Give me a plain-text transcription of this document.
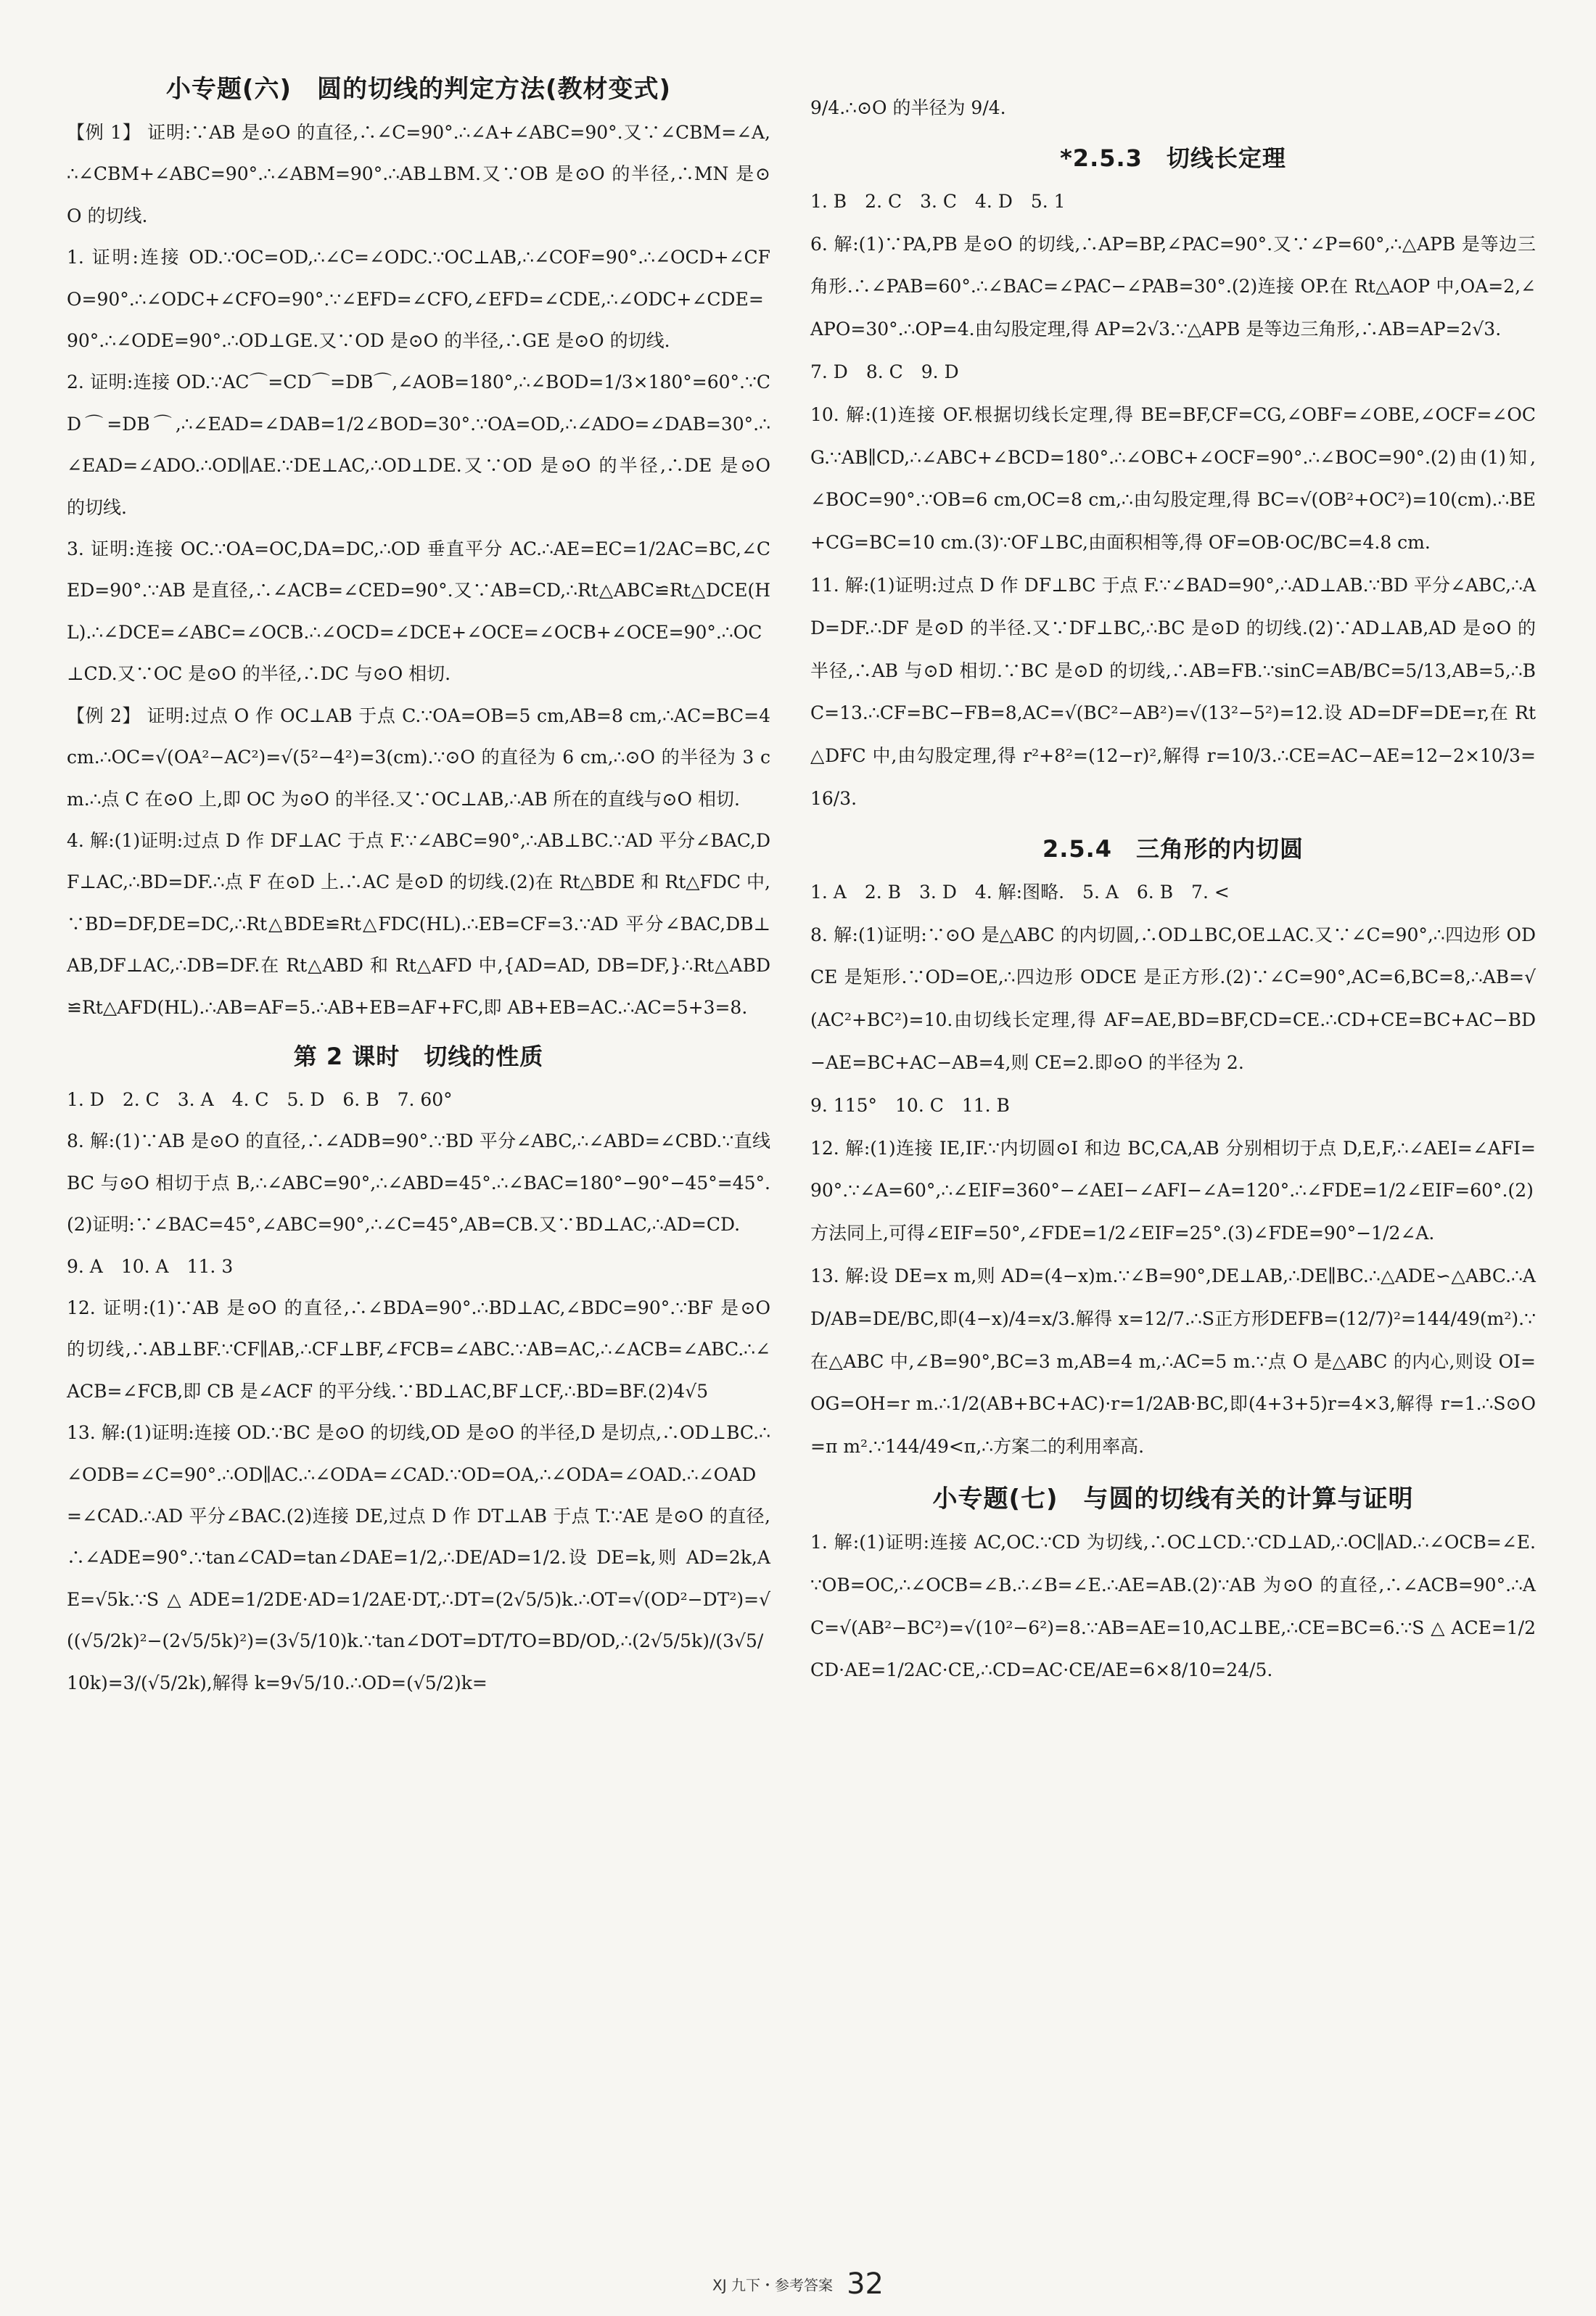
小专题(六)　圆的切线的判定方法(教材变式)

【例 1】 证明:∵AB 是⊙O 的直径,∴∠C=90°.∴∠A+∠ABC=90°.又∵∠CBM=∠A,∴∠CBM+∠ABC=90°.∴∠ABM=90°.∴AB⊥BM.又∵OB 是⊙O 的半径,∴MN 是⊙O 的切线.

1. 证明:连接 OD.∵OC=OD,∴∠C=∠ODC.∵OC⊥AB,∴∠COF=90°.∴∠OCD+∠CFO=90°.∴∠ODC+∠CFO=90°.∵∠EFD=∠CFO,∠EFD=∠CDE,∴∠ODC+∠CDE=90°.∴∠ODE=90°.∴OD⊥GE.又∵OD 是⊙O 的半径,∴GE 是⊙O 的切线.

2. 证明:连接 OD.∵AC⌒=CD⌒=DB⌒,∠AOB=180°,∴∠BOD=1/3×180°=60°.∵CD⌒=DB⌒,∴∠EAD=∠DAB=1/2∠BOD=30°.∵OA=OD,∴∠ADO=∠DAB=30°.∴∠EAD=∠ADO.∴OD∥AE.∵DE⊥AC,∴OD⊥DE.又∵OD 是⊙O 的半径,∴DE 是⊙O 的切线.

3. 证明:连接 OC.∵OA=OC,DA=DC,∴OD 垂直平分 AC.∴AE=EC=1/2AC=BC,∠CED=90°.∵AB 是直径,∴∠ACB=∠CED=90°.又∵AB=CD,∴Rt△ABC≌Rt△DCE(HL).∴∠DCE=∠ABC=∠OCB.∴∠OCD=∠DCE+∠OCE=∠OCB+∠OCE=90°.∴OC⊥CD.又∵OC 是⊙O 的半径,∴DC 与⊙O 相切.

【例 2】 证明:过点 O 作 OC⊥AB 于点 C.∵OA=OB=5 cm,AB=8 cm,∴AC=BC=4 cm.∴OC=√(OA²−AC²)=√(5²−4²)=3(cm).∵⊙O 的直径为 6 cm,∴⊙O 的半径为 3 cm.∴点 C 在⊙O 上,即 OC 为⊙O 的半径.又∵OC⊥AB,∴AB 所在的直线与⊙O 相切.

4. 解:(1)证明:过点 D 作 DF⊥AC 于点 F.∵∠ABC=90°,∴AB⊥BC.∵AD 平分∠BAC,DF⊥AC,∴BD=DF.∴点 F 在⊙D 上.∴AC 是⊙D 的切线.(2)在 Rt△BDE 和 Rt△FDC 中,∵BD=DF,DE=DC,∴Rt△BDE≌Rt△FDC(HL).∴EB=CF=3.∵AD 平分∠BAC,DB⊥AB,DF⊥AC,∴DB=DF.在 Rt△ABD 和 Rt△AFD 中,{AD=AD, DB=DF,}∴Rt△ABD≌Rt△AFD(HL).∴AB=AF=5.∴AB+EB=AF+FC,即 AB+EB=AC.∴AC=5+3=8.

第 2 课时　切线的性质

1. D　2. C　3. A　4. C　5. D　6. B　7. 60°

8. 解:(1)∵AB 是⊙O 的直径,∴∠ADB=90°.∵BD 平分∠ABC,∴∠ABD=∠CBD.∵直线 BC 与⊙O 相切于点 B,∴∠ABC=90°,∴∠ABD=45°.∴∠BAC=180°−90°−45°=45°.(2)证明:∵∠BAC=45°,∠ABC=90°,∴∠C=45°,AB=CB.又∵BD⊥AC,∴AD=CD.

9. A　10. A　11. 3

12. 证明:(1)∵AB 是⊙O 的直径,∴∠BDA=90°.∴BD⊥AC,∠BDC=90°.∵BF 是⊙O 的切线,∴AB⊥BF.∵CF∥AB,∴CF⊥BF,∠FCB=∠ABC.∵AB=AC,∴∠ACB=∠ABC.∴∠ACB=∠FCB,即 CB 是∠ACF 的平分线.∵BD⊥AC,BF⊥CF,∴BD=BF.(2)4√5

13. 解:(1)证明:连接 OD.∵BC 是⊙O 的切线,OD 是⊙O 的半径,D 是切点,∴OD⊥BC.∴∠ODB=∠C=90°.∴OD∥AC.∴∠ODA=∠CAD.∵OD=OA,∴∠ODA=∠OAD.∴∠OAD=∠CAD.∴AD 平分∠BAC.(2)连接 DE,过点 D 作 DT⊥AB 于点 T.∵AE 是⊙O 的直径,∴∠ADE=90°.∵tan∠CAD=tan∠DAE=1/2,∴DE/AD=1/2.设 DE=k,则 AD=2k,AE=√5k.∵S△ADE=1/2DE·AD=1/2AE·DT,∴DT=(2√5/5)k.∴OT=√(OD²−DT²)=√((√5/2k)²−(2√5/5k)²)=(3√5/10)k.∵tan∠DOT=DT/TO=BD/OD,∴(2√5/5k)/(3√5/10k)=3/(√5/2k),解得 k=9√5/10.∴OD=(√5/2)k=

9/4.∴⊙O 的半径为 9/4.

*2.5.3　切线长定理

1. B　2. C　3. C　4. D　5. 1

6. 解:(1)∵PA,PB 是⊙O 的切线,∴AP=BP,∠PAC=90°.又∵∠P=60°,∴△APB 是等边三角形.∴∠PAB=60°.∴∠BAC=∠PAC−∠PAB=30°.(2)连接 OP.在 Rt△AOP 中,OA=2,∠APO=30°.∴OP=4.由勾股定理,得 AP=2√3.∵△APB 是等边三角形,∴AB=AP=2√3.

7. D　8. C　9. D

10. 解:(1)连接 OF.根据切线长定理,得 BE=BF,CF=CG,∠OBF=∠OBE,∠OCF=∠OCG.∵AB∥CD,∴∠ABC+∠BCD=180°.∴∠OBC+∠OCF=90°.∴∠BOC=90°.(2)由(1)知,∠BOC=90°.∵OB=6 cm,OC=8 cm,∴由勾股定理,得 BC=√(OB²+OC²)=10(cm).∴BE+CG=BC=10 cm.(3)∵OF⊥BC,由面积相等,得 OF=OB·OC/BC=4.8 cm.

11. 解:(1)证明:过点 D 作 DF⊥BC 于点 F.∵∠BAD=90°,∴AD⊥AB.∵BD 平分∠ABC,∴AD=DF.∴DF 是⊙D 的半径.又∵DF⊥BC,∴BC 是⊙D 的切线.(2)∵AD⊥AB,AD 是⊙O 的半径,∴AB 与⊙D 相切.∵BC 是⊙D 的切线,∴AB=FB.∵sinC=AB/BC=5/13,AB=5,∴BC=13.∴CF=BC−FB=8,AC=√(BC²−AB²)=√(13²−5²)=12.设 AD=DF=DE=r,在 Rt△DFC 中,由勾股定理,得 r²+8²=(12−r)²,解得 r=10/3.∴CE=AC−AE=12−2×10/3=16/3.

2.5.4　三角形的内切圆

1. A　2. B　3. D　4. 解:图略.　5. A　6. B　7. <

8. 解:(1)证明:∵⊙O 是△ABC 的内切圆,∴OD⊥BC,OE⊥AC.又∵∠C=90°,∴四边形 ODCE 是矩形.∵OD=OE,∴四边形 ODCE 是正方形.(2)∵∠C=90°,AC=6,BC=8,∴AB=√(AC²+BC²)=10.由切线长定理,得 AF=AE,BD=BF,CD=CE.∴CD+CE=BC+AC−BD−AE=BC+AC−AB=4,则 CE=2.即⊙O 的半径为 2.

9. 115°　10. C　11. B

12. 解:(1)连接 IE,IF.∵内切圆⊙I 和边 BC,CA,AB 分别相切于点 D,E,F,∴∠AEI=∠AFI=90°.∵∠A=60°,∴∠EIF=360°−∠AEI−∠AFI−∠A=120°.∴∠FDE=1/2∠EIF=60°.(2)方法同上,可得∠EIF=50°,∠FDE=1/2∠EIF=25°.(3)∠FDE=90°−1/2∠A.

13. 解:设 DE=x m,则 AD=(4−x)m.∵∠B=90°,DE⊥AB,∴DE∥BC.∴△ADE∽△ABC.∴AD/AB=DE/BC,即(4−x)/4=x/3.解得 x=12/7.∴S正方形DEFB=(12/7)²=144/49(m²).∵在△ABC 中,∠B=90°,BC=3 m,AB=4 m,∴AC=5 m.∵点 O 是△ABC 的内心,则设 OI=OG=OH=r m.∴1/2(AB+BC+AC)·r=1/2AB·BC,即(4+3+5)r=4×3,解得 r=1.∴S⊙O=π m².∵144/49<π,∴方案二的利用率高.

小专题(七)　与圆的切线有关的计算与证明

1. 解:(1)证明:连接 AC,OC.∵CD 为切线,∴OC⊥CD.∵CD⊥AD,∴OC∥AD.∴∠OCB=∠E.∵OB=OC,∴∠OCB=∠B.∴∠B=∠E.∴AE=AB.(2)∵AB 为⊙O 的直径,∴∠ACB=90°.∴AC=√(AB²−BC²)=√(10²−6²)=8.∵AB=AE=10,AC⊥BE,∴CE=BC=6.∵S△ACE=1/2CD·AE=1/2AC·CE,∴CD=AC·CE/AE=6×8/10=24/5.

XJ 九下・参考答案 32
